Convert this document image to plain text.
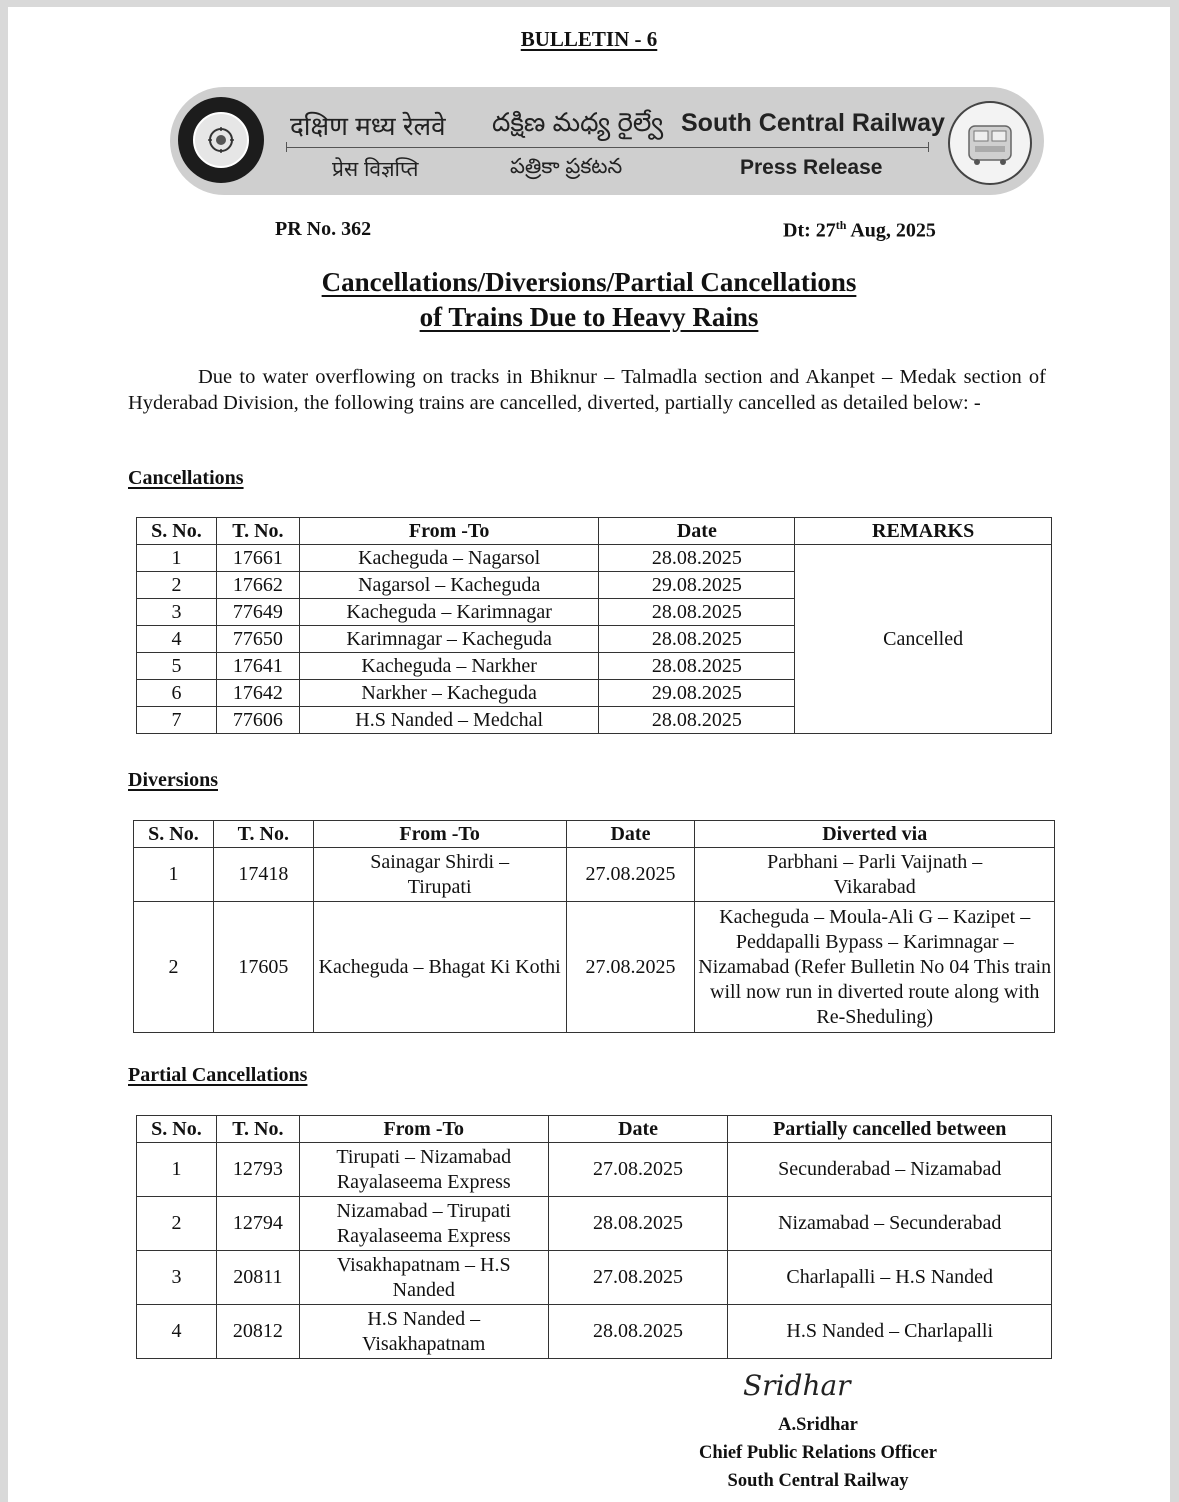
BULLETIN - 6
दक्षिण मध्य रेलवे దక్షిణ మధ్య రైల్వే South Central Railway
प्रेस विज्ञप्ति	పత్రికా ప్రకటన	Press Release
PR No. 362	Dt: 27th Aug, 2025
Cancellations/Diversions/Partial Cancellations
of Trains Due to Heavy Rains
Due to water overflowing on tracks in Bhiknur – Talmadla section and Akanpet – Medak section of Hyderabad Division, the following trains are cancelled, diverted, partially cancelled as detailed below: -
Cancellations
S. No.	T. No.	From -To	Date	REMARKS
1	17661	Kacheguda – Nagarsol	28.08.2025	Cancelled
2	17662	Nagarsol – Kacheguda	29.08.2025	
3	77649	Kacheguda – Karimnagar	28.08.2025	
4	77650	Karimnagar – Kacheguda	28.08.2025	
5	17641	Kacheguda – Narkher	28.08.2025	
6	17642	Narkher – Kacheguda	29.08.2025	
7	77606	H.S Nanded – Medchal	28.08.2025	
Diversions
S. No.	T. No.	From -To	Date	Diverted via
1	17418	Sainagar Shirdi – Tirupati	27.08.2025	Parbhani – Parli Vaijnath – Vikarabad
2	17605	Kacheguda – Bhagat Ki Kothi	27.08.2025	Kacheguda – Moula-Ali G – Kazipet – Peddapalli Bypass – Karimnagar – Nizamabad (Refer Bulletin No 04 This train will now run in diverted route along with Re-Sheduling)
Partial Cancellations
S. No.	T. No.	From -To	Date	Partially cancelled between
1	12793	Tirupati – Nizamabad Rayalaseema Express	27.08.2025	Secunderabad – Nizamabad
2	12794	Nizamabad – Tirupati Rayalaseema Express	28.08.2025	Nizamabad – Secunderabad
3	20811	Visakhapatnam – H.S Nanded	27.08.2025	Charlapalli – H.S Nanded
4	20812	H.S Nanded – Visakhapatnam	28.08.2025	H.S Nanded – Charlapalli
Sridhar
A.Sridhar
Chief Public Relations Officer
South Central Railway
